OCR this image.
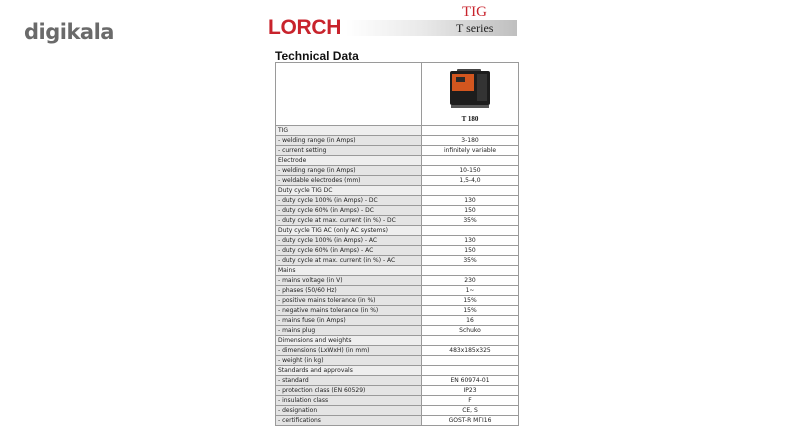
digikala	LORCH
TIG
T series
Technical Data

	T 180

TIG	
- welding range (in Amps)	3-180
- current setting	infinitely variable
Electrode	
- welding range (in Amps)	10-150
- weldable electrodes (mm)	1,5-4,0
Duty cycle TIG DC	
- duty cycle 100% (in Amps) - DC	130
- duty cycle 60% (in Amps) - DC	150
- duty cycle at max. current (in %) - DC	35%
Duty cycle TIG AC (only AC systems)	
- duty cycle 100% (in Amps) - AC	130
- duty cycle 60% (in Amps) - AC	150
- duty cycle at max. current (in %) - AC	35%
Mains	
- mains voltage (in V)	230
- phases (50/60 Hz)	1~
- positive mains tolerance (in %)	15%
- negative mains tolerance (in %)	15%
- mains fuse (in Amps)	16
- mains plug	Schuko
Dimensions and weights	
- dimensions (LxWxH) (in mm)	483x185x325
- weight (in kg)	
Standards and approvals	
- standard	EN 60974-01
- protection class (EN 60529)	IP23
- insulation class	F
- designation	CE, S
- certifications	GOST-R MГI16
